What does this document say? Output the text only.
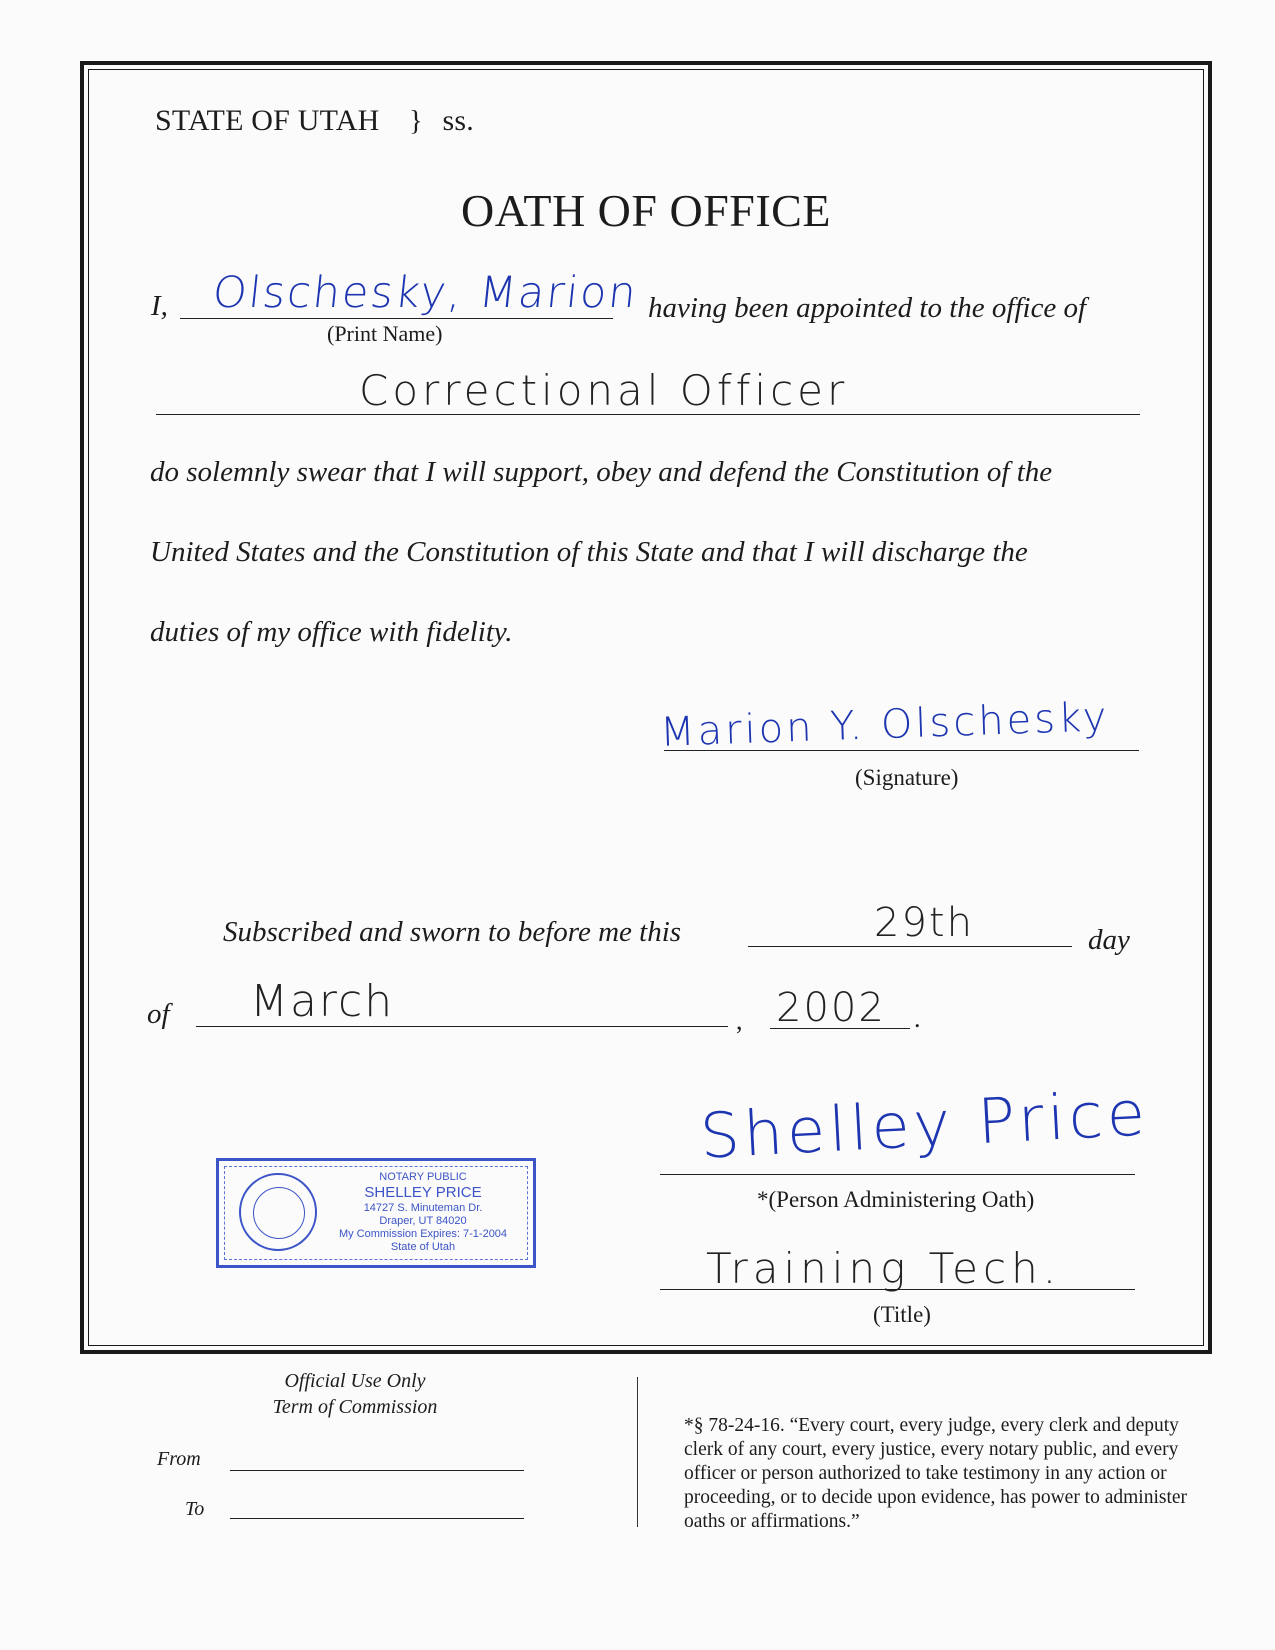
STATE OF UTAH } ss.
OATH OF OFFICE
I, Olschesky, Marion
(Print Name)
having been appointed to the office of
Correctional Officer
do solemnly swear that I will support, obey and defend the Constitution of the
United States and the Constitution of this State and that I will discharge the
duties of my office with fidelity.
Marion Y. Olschesky
(Signature)
Subscribed and sworn to before me this	29th	day
of March	, 2002 .
NOTARY PUBLIC
SHELLEY PRICE
14727 S. Minuteman Dr.
Draper, UT 84020
My Commission Expires: 7-1-2004
State of Utah
Shelley Price
*(Person Administering Oath)
Training Tech.
(Title)
Official Use Only
Term of Commission
From
To
*§ 78-24-16. “Every court, every judge, every clerk and deputy clerk of any court, every justice, every notary public, and every officer or person authorized to take testimony in any action or proceeding, or to decide upon evidence, has power to administer oaths or affirmations.”
